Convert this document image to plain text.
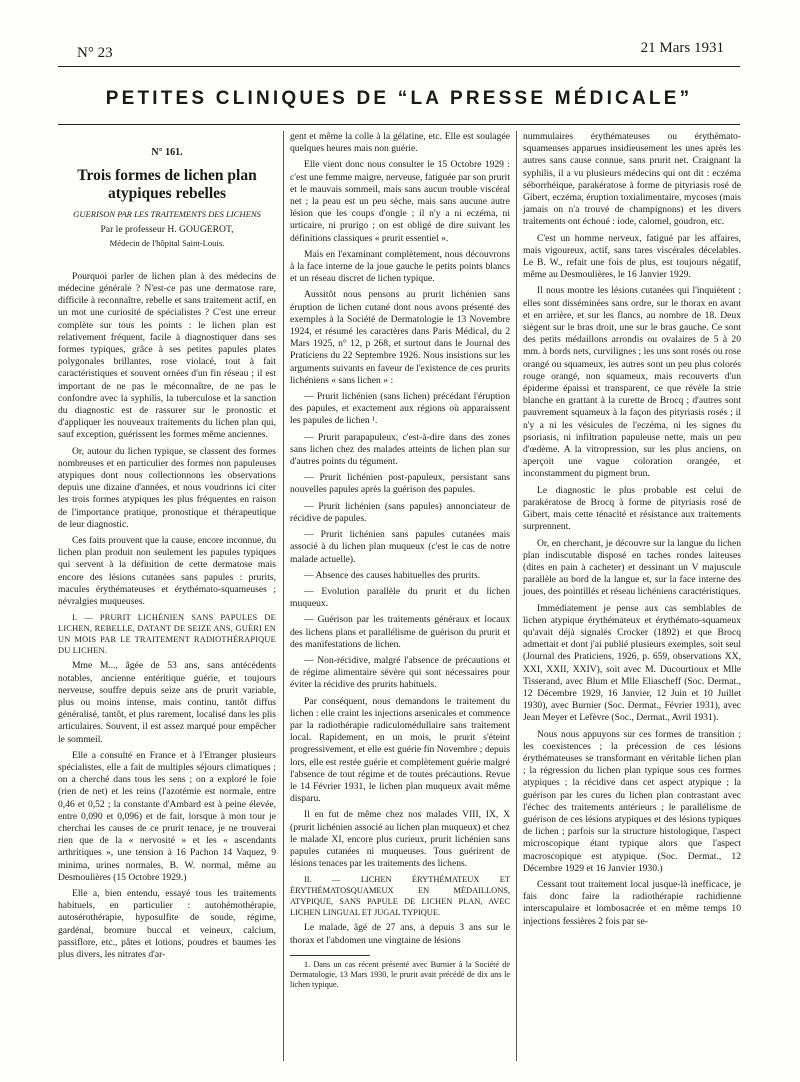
N° 23	21 Mars 1931
PETITES CLINIQUES DE “LA PRESSE MÉDICALE”
N° 161.
Trois formes de lichen plan atypiques rebelles
GUERISON PAR LES TRAITEMENTS DES LICHENS
Par le professeur H. GOUGEROT,
Médecin de l'hôpital Saint-Louis.

Pourquoi parler de lichen plan à des médecins de médecine générale ? N'est-ce pas une dermatose rare, difficile à reconnaître, rebelle et sans traitement actif, en un mot une curiosité de spécialistes ? C'est une erreur complète sur tous les points : le lichen plan est relativement fréquent, facile à diagnostiquer dans ses formes typiques, grâce à ses petites papules plates polygonales brillantes, rose violacé, tout à fait caractéristiques et souvent ornées d'un fin réseau ; il est important de ne pas le méconnaître, de ne pas le confondre avec la syphilis, la tuberculose et la sanction du diagnostic est de rassurer sur le pronostic et d'appliquer les nouveaux traitements du lichen plan qui, sauf exception, guérissent les formes même anciennes.

Or, autour du lichen typique, se classent des formes nombreuses et en particulier des formes non papuleuses atypiques dont nous collectionnons les observations depuis une dizaine d'années, et nous voudrions ici citer les trois formes atypiques les plus fréquentes en raison de l'importance pratique, pronostique et thérapeutique de leur diagnostic.

Ces faits prouvent que la cause, encore inconnue, du lichen plan produit non seulement les papules typiques qui servent à la définition de cette dermatose mais encore des lésions cutanées sans papules : prurits, macules érythémateuses et érythémato-squameuses ; névralgies muqueuses.

I. — PRURIT LICHÉNIEN SANS PAPULES DE LICHEN, REBELLE, DATANT DE SEIZE ANS, GUÉRI EN UN MOIS PAR LE TRAITEMENT RADIOTHÉRAPIQUE DU LICHEN.

Mme M..., âgée de 53 ans, sans antécédents notables, ancienne entéritique guérie, et toujours nerveuse, souffre depuis seize ans de prurit variable, plus ou moins intense, mais continu, tantôt diffus généralisé, tantôt, et plus rarement, localisé dans les plis articulaires. Souvent, il est assez marqué pour empêcher le sommeil.

Elle a consulté en France et à l'Etranger plusieurs spécialistes, elle a fait de multiples séjours climatiques ; on a cherché dans tous les sens ; on a exploré le foie (rien de net) et les reins (l'azotémie est normale, entre 0,46 et 0,52 ; la constante d'Ambard est à peine élevée, entre 0,090 et 0,096) et de fait, lorsque à mon tour je cherchai les causes de ce prurit tenace, je ne trouverai rien que de la « nervosité » et les « ascendants arthritiques », une tension à 16 Pachon 14 Vaquez, 9 minima, urines normales, B. W. normal, même au Desmoulières (15 Octobre 1929.)

Elle a, bien entendu, essayé tous les traitements habituels, en particulier : autohémothérapie, autosérothérapie, hyposulfite de soude, régime, gardénal, bromure buccal et veineux, calcium, passiflore, etc., pâtes et lotions, poudres et baumes les plus divers, les nitrates d'ar-

gent et même la colle à la gélatine, etc. Elle est soulagée quelques heures mais non guérie.

Elle vient donc nous consulter le 15 Octobre 1929 : c'est une femme maigre, nerveuse, fatiguée par son prurit et le mauvais sommeil, mais sans aucun trouble viscéral net ; la peau est un peu sèche, mais sans aucune autre lésion que les coups d'ongle ; il n'y a ni eczéma, ni urticaire, ni prurigo ; on est obligé de dire suivant les définitions classiques « prurit essentiel ».

Mais en l'examinant complètement, nous découvrons à la face interne de la joue gauche le petits points blancs et un réseau discret de lichen typique.

Aussitôt nous pensons au prurit lichénien sans éruption de lichen cutané dont nous avons présenté des exemples à la Société de Dermatologie le 13 Novembre 1924, et résumé les caractères dans Paris Médical, du 2 Mars 1925, n° 12, p 268, et surtout dans le Journal des Praticiens du 22 Septembre 1926. Nous insistions sur les arguments suivants en faveur de l'existence de ces prurits lichéniens « sans lichen » :

— Prurit lichénien (sans lichen) précédant l'éruption des papules, et exactement aux régions où apparaissent les papules de lichen ¹.

— Prurit parapapuleux, c'est-à-dire dans des zones sans lichen chez des malades atteints de lichen plan sur d'autres points du tégument.

— Prurit lichénien post-papuleux, persistant sans nouvelles papules après la guérison des papules.

— Prurit lichénien (sans papules) annonciateur de récidive de papules.

— Prurit lichénien sans papules cutanées mais associé à du lichen plan muqueux (c'est le cas de notre malade actuelle).

— Absence des causes habituelles des prurits.

— Evolution parallèle du prurit et du lichen muqueux.

— Guérison par les traitements généraux et locaux des lichens plans et parallélisme de guérison du prurit et des manifestations de lichen.

— Non-récidive, malgré l'absence de précautions et de régime alimentaire sévère qui sont nécessaires pour éviter la récidive des prurits habituels.

Par conséquent, nous demandons le traitement du lichen : elle craint les injections arsenicales et commence par la radiothérapie radiculomédullaire sans traitement local. Rapidement, en un mois, le prurit s'éteint progressivement, et elle est guérie fin Novembre ; depuis lors, elle est restée guérie et complètement guérie malgré l'absence de tout régime et de toutes précautions. Revue le 14 Février 1931, le lichen plan muqueux avait même disparu.

Il en fut de même chez nos malades VIII, IX, X (prurit lichénien associé au lichen plan muqueux) et chez le malade XI, encore plus curieux, prurit lichénien sans papules cutanées ni muqueuses. Tous guérirent de lésions tenaces par les traitements des lichens.

II. — LICHEN ÉRYTHÉMATEUX ET ÉRYTHÉMATOSQUAMEUX EN MÉDAILLONS, ATYPIQUE, SANS PAPULE DE LICHEN PLAN, AVEC LICHEN LINGUAL ET JUGAL TYPIQUE.

Le malade, âgé de 27 ans, a depuis 3 ans sur le thorax et l'abdomen une vingtaine de lésions

1. Dans un cas récent présenté avec Burnier à la Société de Dermatologie, 13 Mars 1930, le prurit avait précédé de dix ans le lichen typique.

nummulaires érythémateuses ou érythémato-squameuses apparues insidieusement les unes après les autres sans cause connue, sans prurit net. Craignant la syphilis, il a vu plusieurs médecins qui ont dit : eczéma séborrhéique, parakératose à forme de pityriasis rosé de Gibert, eczéma, éruption toxialimentaire, mycoses (mais jamais on n'a trouvé de champignons) et les divers traitements ont échoué : iode, calomel, goudron, etc.

C'est un homme nerveux, fatigué par les affaires, mais vigoureux, actif, sans tares viscérales décelables. Le B. W., refait une fois de plus, est toujours négatif, même au Desmoulières, le 16 Janvier 1929.

Il nous montre les lésions cutanées qui l'inquiètent ; elles sont disséminées sans ordre, sur le thorax en avant et en arrière, et sur les flancs, au nombre de 18. Deux siègent sur le bras droit, une sur le bras gauche. Ce sont des petits médaillons arrondis ou ovalaires de 5 à 20 mm. à bords nets, curvilignes ; les uns sont rosés ou rose orangé ou squameux, les autres sont un peu plus colorés rouge orangé, non squameux, mais recouverts d'un épiderme épaissi et transparent, ce que révèle la strie blanche en grattant à la curette de Brocq ; d'autres sont pauvrement squameux à la façon des pityriasis rosés ; il n'y a ni les vésicules de l'eczéma, ni les signes du psoriasis, ni infiltration papuleuse nette, mais un peu d'œdème. A la vitropression, sur les plus anciens, on aperçoit une vague coloration orangée, et inconstamment du pigment brun.

Le diagnostic le plus probable est celui de parakératose de Brocq à forme de pityriasis rosé de Gibert, mais cette ténacité et résistance aux traitements surprennent.

Or, en cherchant, je découvre sur la langue du lichen plan indiscutable disposé en taches rondes laiteuses (dites en pain à cacheter) et dessinant un V majuscule parallèle au bord de la langue et, sur la face interne des joues, des pointillés et réseau lichéniens caractéristiques.

Immédiatement je pense aux cas semblables de lichen atypique érythémateux et érythémato-squameux qu'avait déjà signalés Crocker (1892) et que Brocq admettait et dont j'ai publié plusieurs exemples, soit seul (Journal des Praticiens, 1926, p. 659, observations XX, XXI, XXII, XXIV), soit avec M. Ducourtioux et Mlle Tisserand, avec Blum et Mlle Eliascheff (Soc. Dermat., 12 Décembre 1929, 16 Janvier, 12 Juin et 10 Juillet 1930), avec Burnier (Soc. Dermat., Février 1931), avec Jean Meyer et Lefèvre (Soc., Dermat., Avril 1931).

Nous nous appuyons sur ces formes de transition ; les coexistences ; la précession de ces lésions érythémateuses se transformant en véritable lichen plan ; la régression du lichen plan typique sous ces formes atypiques ; la récidive dans cet aspect atypique ; la guérison par les cures du lichen plan contrastant avec l'échec des traitements antérieurs ; le parallélisme de guérison de ces lésions atypiques et des lésions typiques de lichen ; parfois sur la structure histologique, l'aspect microscopique étant typique alors que l'aspect macroscopique est atypique. (Soc. Dermat., 12 Décembre 1929 et 16 Janvier 1930.)

Cessant tout traitement local jusque-là inefficace, je fais donc faire la radiothérapie rachidienne interscapulaire et lombosacrée et en même temps 10 injections fessières 2 fois par se-
